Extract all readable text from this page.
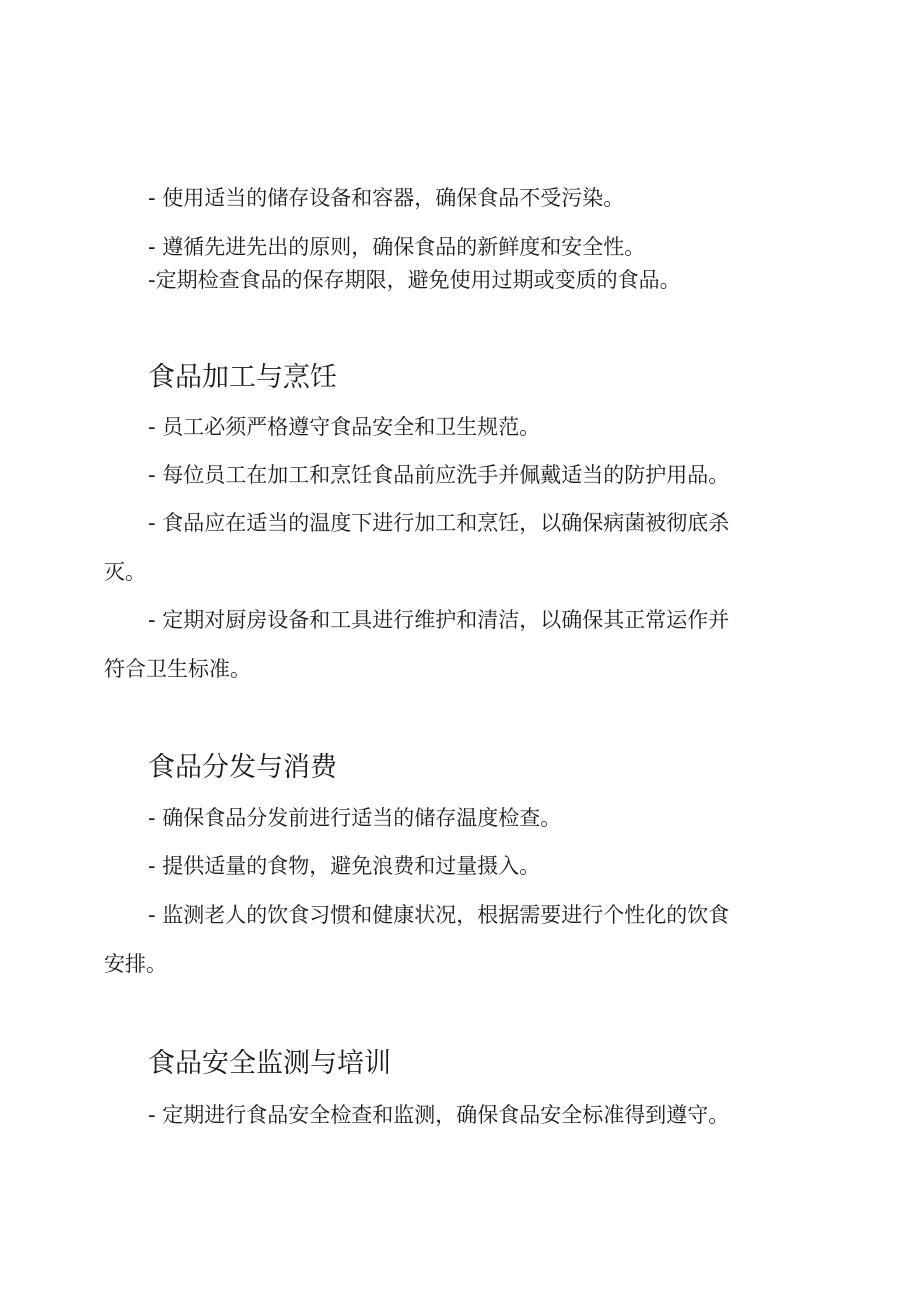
- 使用适当的储存设备和容器，确保食品不受污染。
- 遵循先进先出的原则，确保食品的新鲜度和安全性。
-定期检查食品的保存期限，避免使用过期或变质的食品。
食品加工与烹饪
- 员工必须严格遵守食品安全和卫生规范。
- 每位员工在加工和烹饪食品前应洗手并佩戴适当的防护用品。
- 食品应在适当的温度下进行加工和烹饪，以确保病菌被彻底杀
灭。
- 定期对厨房设备和工具进行维护和清洁，以确保其正常运作并
符合卫生标准。
食品分发与消费
- 确保食品分发前进行适当的储存温度检查。
- 提供适量的食物，避免浪费和过量摄入。
- 监测老人的饮食习惯和健康状况，根据需要进行个性化的饮食
安排。
食品安全监测与培训
- 定期进行食品安全检查和监测，确保食品安全标准得到遵守。
